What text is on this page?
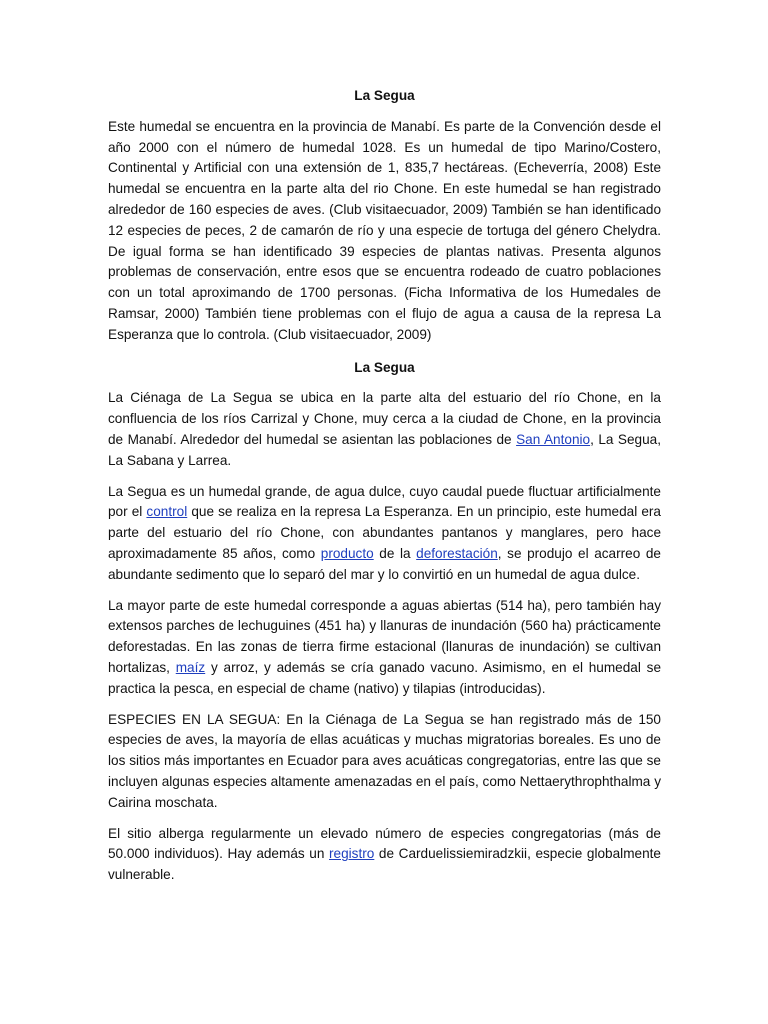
La Segua

Este humedal se encuentra en la provincia de Manabí. Es parte de la Convención desde el año 2000 con el número de humedal 1028. Es un humedal de tipo Marino/Costero, Continental y Artificial con una extensión de 1, 835,7 hectáreas. (Echeverría, 2008) Este humedal se encuentra en la parte alta del rio Chone. En este humedal se han registrado alrededor de 160 especies de aves. (Club visitaecuador, 2009) También se han identificado 12 especies de peces, 2 de camarón de río y una especie de tortuga del género Chelydra. De igual forma se han identificado 39 especies de plantas nativas. Presenta algunos problemas de conservación, entre esos que se encuentra rodeado de cuatro poblaciones con un total aproximando de 1700 personas. (Ficha Informativa de los Humedales de Ramsar, 2000) También tiene problemas con el flujo de agua a causa de la represa La Esperanza que lo controla. (Club visitaecuador, 2009)

La Segua

La Ciénaga de La Segua se ubica en la parte alta del estuario del río Chone, en la confluencia de los ríos Carrizal y Chone, muy cerca a la ciudad de Chone, en la provincia de Manabí. Alrededor del humedal se asientan las poblaciones de San Antonio, La Segua, La Sabana y Larrea.

La Segua es un humedal grande, de agua dulce, cuyo caudal puede fluctuar artificialmente por el control que se realiza en la represa La Esperanza. En un principio, este humedal era parte del estuario del río Chone, con abundantes pantanos y manglares, pero hace aproximadamente 85 años, como producto de la deforestación, se produjo el acarreo de abundante sedimento que lo separó del mar y lo convirtió en un humedal de agua dulce.

La mayor parte de este humedal corresponde a aguas abiertas (514 ha), pero también hay extensos parches de lechuguines (451 ha) y llanuras de inundación (560 ha) prácticamente deforestadas. En las zonas de tierra firme estacional (llanuras de inundación) se cultivan hortalizas, maíz y arroz, y además se cría ganado vacuno. Asimismo, en el humedal se practica la pesca, en especial de chame (nativo) y tilapias (introducidas).

ESPECIES EN LA SEGUA: En la Ciénaga de La Segua se han registrado más de 150 especies de aves, la mayoría de ellas acuáticas y muchas migratorias boreales. Es uno de los sitios más importantes en Ecuador para aves acuáticas congregatorias, entre las que se incluyen algunas especies altamente amenazadas en el país, como Nettaerythrophthalma y Cairina moschata.

El sitio alberga regularmente un elevado número de especies congregatorias (más de 50.000 individuos). Hay además un registro de Carduelissiemiradzkii, especie globalmente vulnerable.
